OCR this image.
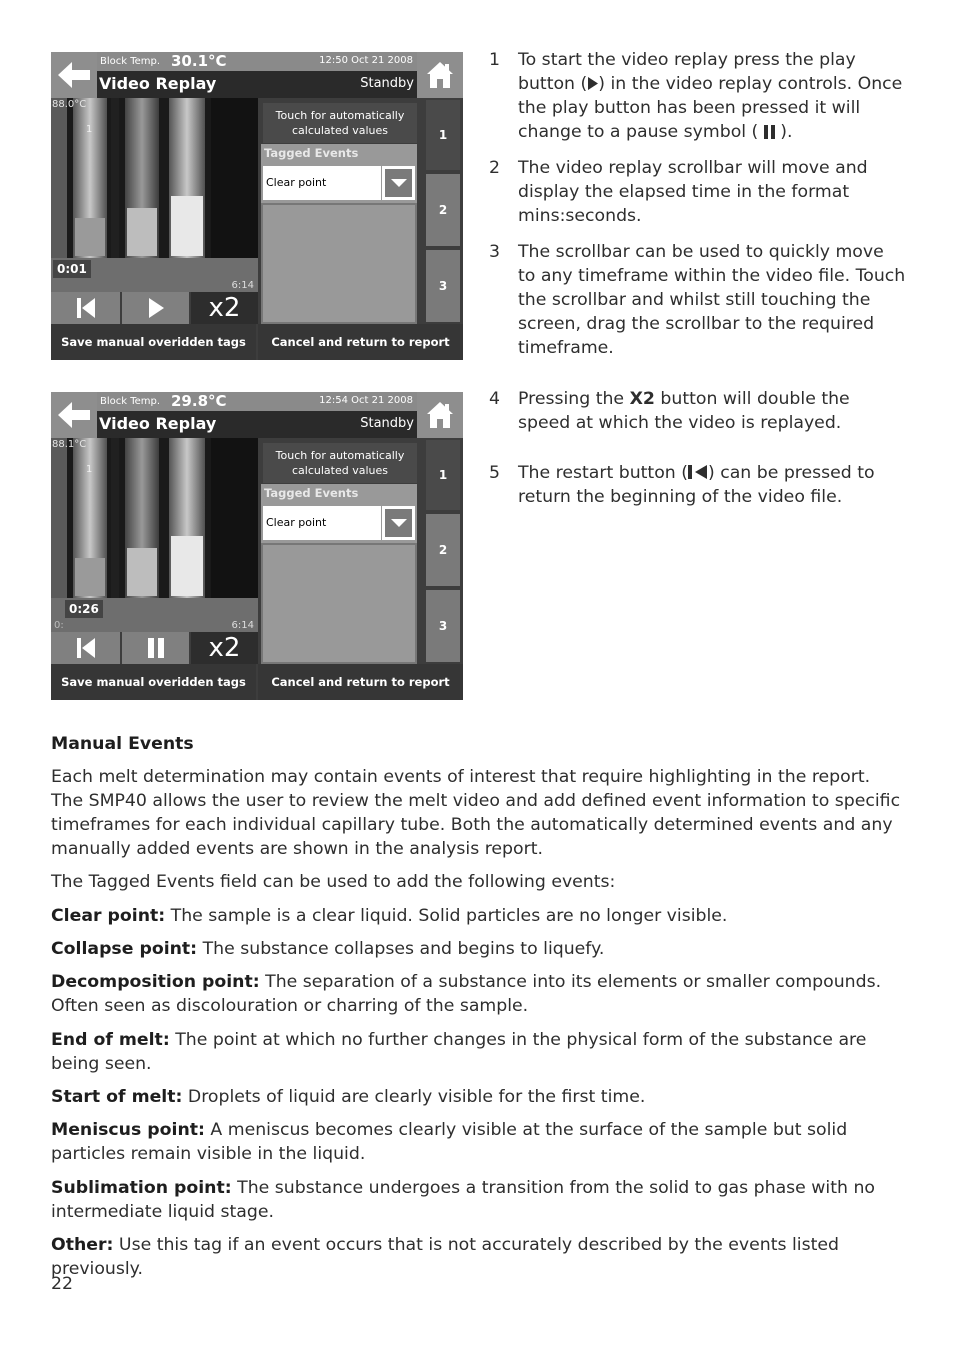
Block Temp. 30.1°C	12:50 Oct 21 2008
Video Replay	Standby
88.0°C
1
0:01
6:14
x2
Touch for automatically calculated values
Tagged Events
Clear point
1
2
3
Save manual overidden tags	Cancel and return to report
Block Temp. 29.8°C	12:54 Oct 21 2008
Video Replay	Standby
88.1°C
1
0:26
0:	6:14
x2
Touch for automatically calculated values
Tagged Events
Clear point
1
2
3
Save manual overidden tags	Cancel and return to report
1 To start the video replay press the play button ( ) in the video replay controls. Once the play button has been pressed it will change to a pause symbol (  ).
2 The video replay scrollbar will move and display the elapsed time in the format mins:seconds.
3 The scrollbar can be used to quickly move to any timeframe within the video file. Touch the scrollbar and whilst still touching the screen, drag the scrollbar to the required timeframe.
4 Pressing the X2 button will double the speed at which the video is replayed.
5 The restart button ( ) can be pressed to return the beginning of the video file.
Manual Events
Each melt determination may contain events of interest that require highlighting in the report. The SMP40 allows the user to review the melt video and add defined event information to specific timeframes for each individual capillary tube. Both the automatically determined events and any manually added events are shown in the analysis report.
The Tagged Events field can be used to add the following events:
Clear point: The sample is a clear liquid. Solid particles are no longer visible.
Collapse point: The substance collapses and begins to liquefy.
Decomposition point: The separation of a substance into its elements or smaller compounds. Often seen as discolouration or charring of the sample.
End of melt: The point at which no further changes in the physical form of the substance are being seen.
Start of melt: Droplets of liquid are clearly visible for the first time.
Meniscus point: A meniscus becomes clearly visible at the surface of the sample but solid particles remain visible in the liquid.
Sublimation point: The substance undergoes a transition from the solid to gas phase with no intermediate liquid stage.
Other: Use this tag if an event occurs that is not accurately described by the events listed previously.
22
